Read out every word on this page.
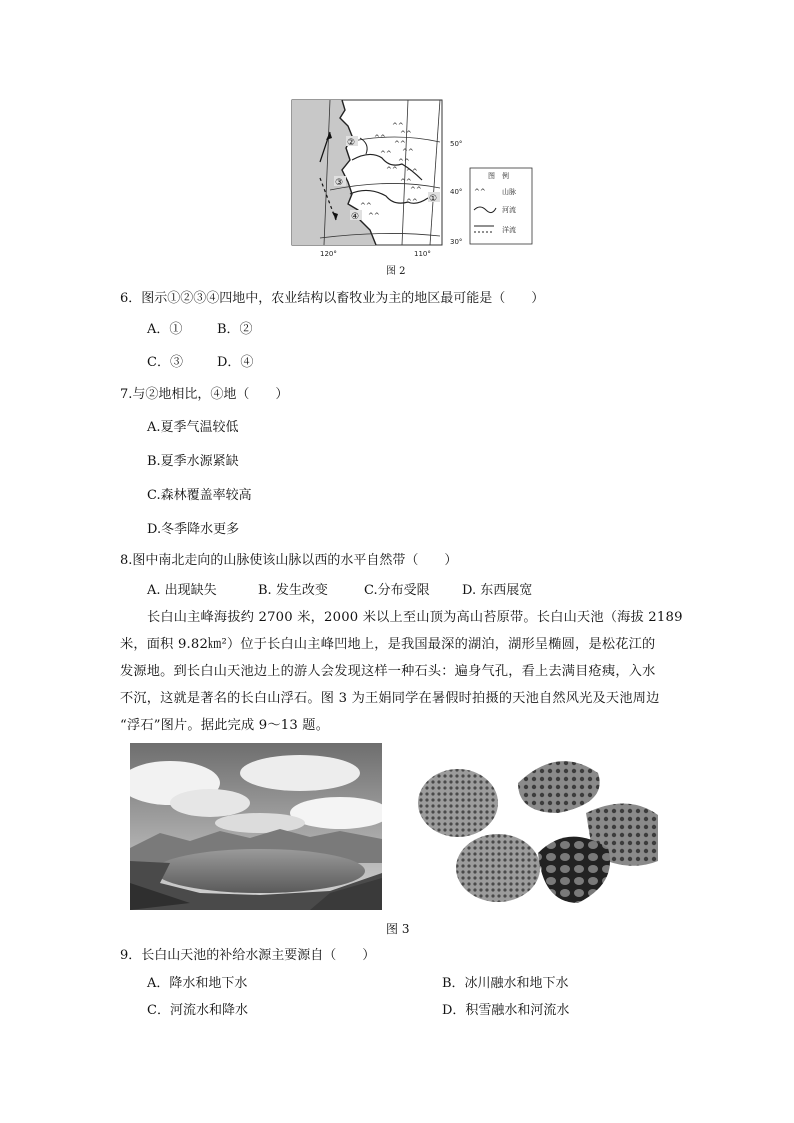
^^
^^
^^
^^
^^
^^
^^
^^
^^
^^
^^
^^
^^
^^
②
③
④
①
50°
40°
30°
120°	110°
图　例
^^ 山脉
河流
洋流
图 2
6．图示①②③④四地中，农业结构以畜牧业为主的地区最可能是（　　）
A．①	B．②
C．③	D．④
7.与②地相比，④地（　　）
A.夏季气温较低
B.夏季水源紧缺
C.森林覆盖率较高
D.冬季降水更多
8.图中南北走向的山脉使该山脉以西的水平自然带（　　）
A. 出现缺失	B. 发生改变	C.分布受限 D. 东西展宽
长白山主峰海拔约 2700 米，2000 米以上至山顶为高山苔原带。长白山天池（海拔 2189
米，面积 9.82㎞²）位于长白山主峰凹地上，是我国最深的湖泊，湖形呈椭圆，是松花江的
发源地。到长白山天池边上的游人会发现这样一种石头：遍身气孔，看上去满目疮痍，入水
不沉，这就是著名的长白山浮石。图 3 为王娟同学在暑假时拍摄的天池自然风光及天池周边
“浮石”图片。据此完成 9～13 题。
图 3
9．长白山天池的补给水源主要源自（　　）
A．降水和地下水	B．冰川融水和地下水
C．河流水和降水	D．积雪融水和河流水
